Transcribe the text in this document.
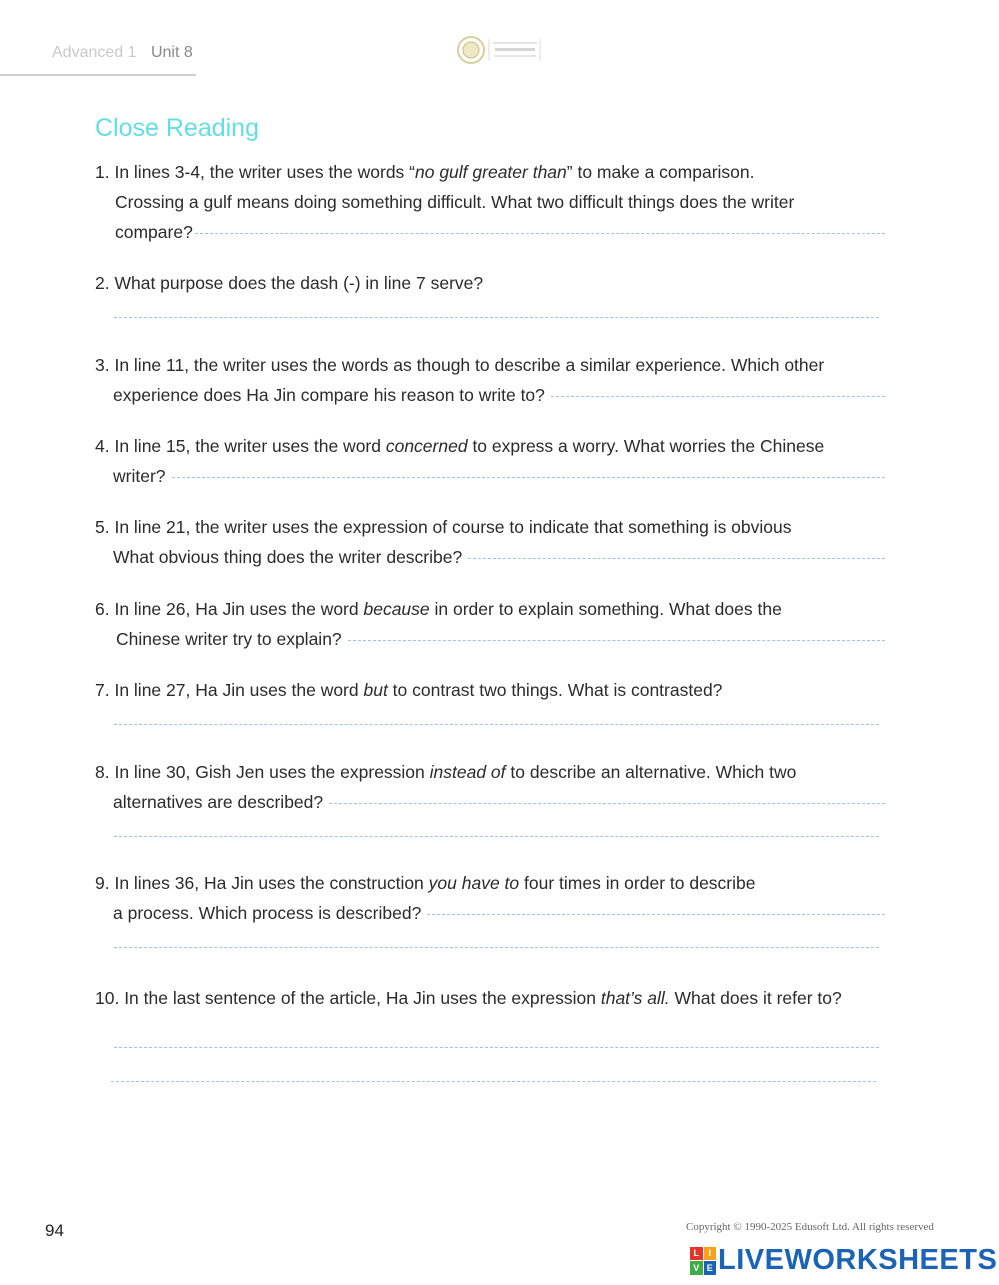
Advanced 1 Unit 8
Close Reading
1. In lines 3-4, the writer uses the words “no gulf greater than” to make a comparison.
Crossing a gulf means doing something difficult. What two difficult things does the writer
compare?
2. What purpose does the dash (-) in line 7 serve?
3. In line 11, the writer uses the words as though to describe a similar experience. Which other
experience does Ha Jin compare his reason to write to?
4. In line 15, the writer uses the word concerned to express a worry. What worries the Chinese
writer?
5. In line 21, the writer uses the expression of course to indicate that something is obvious
What obvious thing does the writer describe?
6. In line 26, Ha Jin uses the word because in order to explain something. What does the
Chinese writer try to explain?
7. In line 27, Ha Jin uses the word but to contrast two things. What is contrasted?
8. In line 30, Gish Jen uses the expression instead of to describe an alternative. Which two
alternatives are described?
9. In lines 36, Ha Jin uses the construction you have to four times in order to describe
a process. Which process is described?
10. In the last sentence of the article, Ha Jin uses the expression that’s all. What does it refer to?
94	Copyright © 1990-2025 Edusoft Ltd. All rights reserved
L	I
V E LIVEWORKSHEETS
